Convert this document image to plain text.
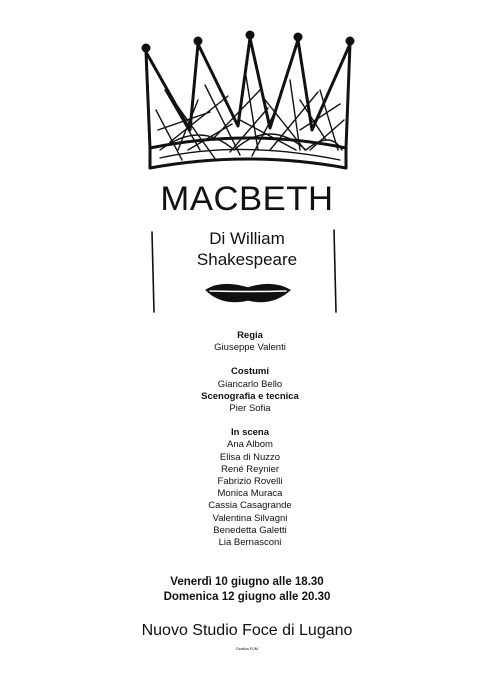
MACBETH
Di William
Shakespeare
Regia
Giuseppe Valenti
Costumi
Giancarlo Bello
Scenografia e tecnica
Pier Sofia
In scena
Ana Albom
Elisa di Nuzzo
René Reynier
Fabrizio Rovelli
Monica Muraca
Cassia Casagrande
Valentina Silvagni
Benedetta Galetti
Lia Bernasconi
Venerdì 10 giugno alle 18.30
Domenica 12 giugno alle 20.30
Nuovo Studio Foce di Lugano
Grafica RJM
